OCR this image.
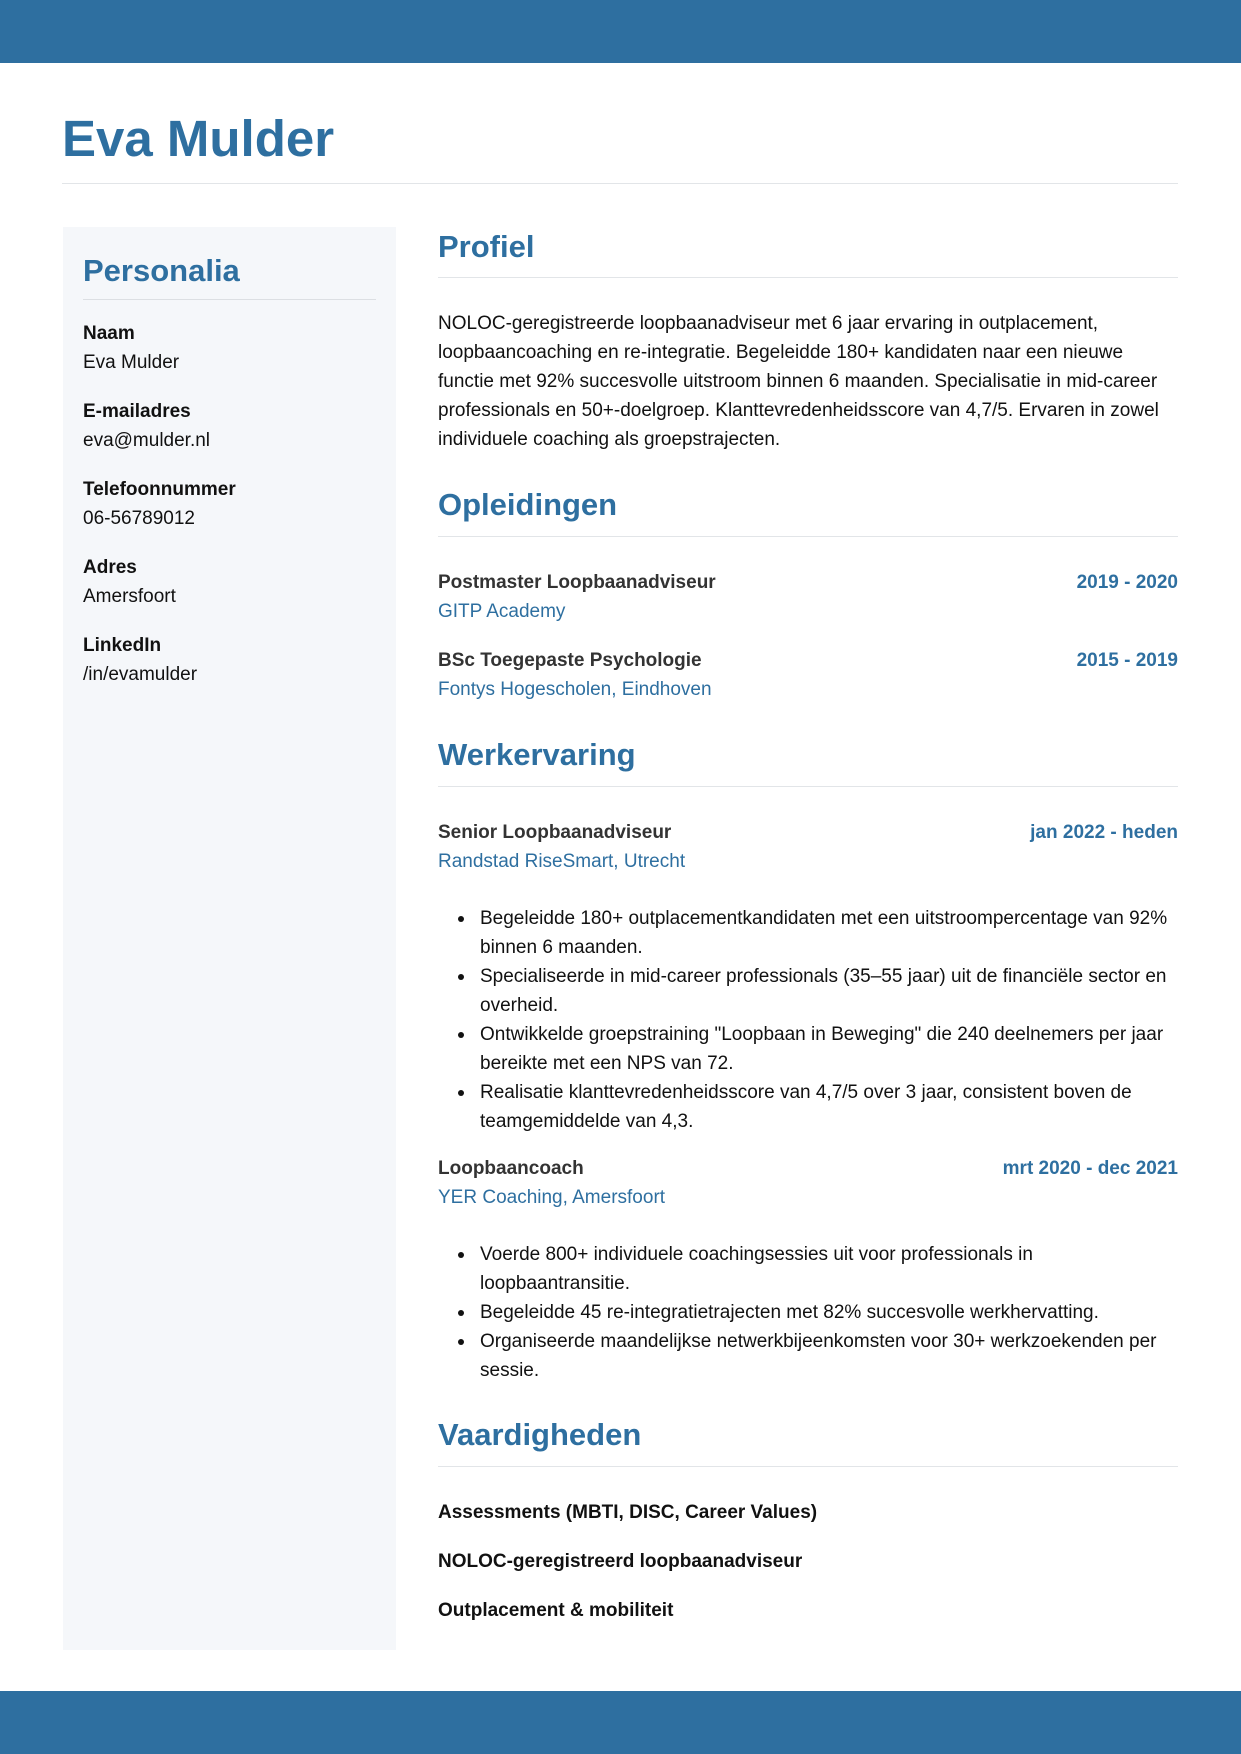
Eva Mulder
Personalia
Naam
Eva Mulder
E-mailadres
eva@mulder.nl
Telefoonnummer
06-56789012
Adres
Amersfoort
LinkedIn
/in/evamulder
Profiel

NOLOC-geregistreerde loopbaanadviseur met 6 jaar ervaring in outplacement, loopbaancoaching en re-integratie. Begeleidde 180+ kandidaten naar een nieuwe functie met 92% succesvolle uitstroom binnen 6 maanden. Specialisatie in mid-career professionals en 50+-doelgroep. Klanttevredenheidsscore van 4,7/5. Ervaren in zowel individuele coaching als groepstrajecten.

Opleidingen
Postmaster Loopbaanadviseur	2019 - 2020
GITP Academy
BSc Toegepaste Psychologie	2015 - 2019
Fontys Hogescholen, Eindhoven
Werkervaring
Senior Loopbaanadviseur	jan 2022 - heden
Randstad RiseSmart, Utrecht
Begeleidde 180+ outplacementkandidaten met een uitstroompercentage van 92% binnen 6 maanden.
Specialiseerde in mid-career professionals (35–55 jaar) uit de financiële sector en overheid.
Ontwikkelde groepstraining "Loopbaan in Beweging" die 240 deelnemers per jaar bereikte met een NPS van 72.
Realisatie klanttevredenheidsscore van 4,7/5 over 3 jaar, consistent boven de teamgemiddelde van 4,3.
Loopbaancoach	mrt 2020 - dec 2021
YER Coaching, Amersfoort
Voerde 800+ individuele coachingsessies uit voor professionals in loopbaantransitie.
Begeleidde 45 re-integratietrajecten met 82% succesvolle werkhervatting.
Organiseerde maandelijkse netwerkbijeenkomsten voor 30+ werkzoekenden per sessie.
Vaardigheden
Assessments (MBTI, DISC, Career Values)
NOLOC-geregistreerd loopbaanadviseur
Outplacement & mobiliteit
